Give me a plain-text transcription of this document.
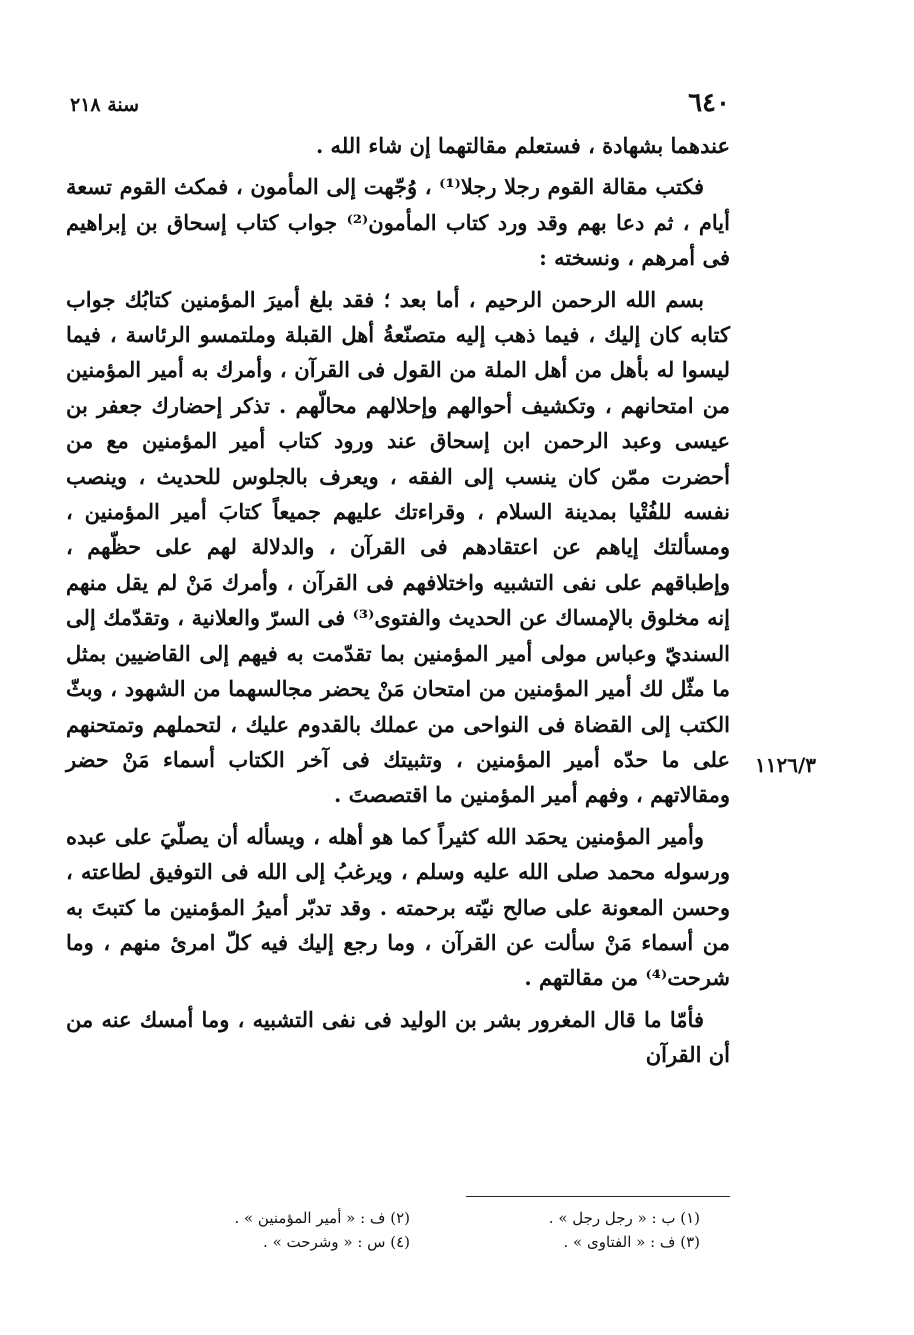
٦٤٠
سنة ٢١٨

عندهما بشهادة ، فستعلم مقالتهما إن شاء الله .

فكتب مقالة القوم رجلا رجلا⁽¹⁾ ، وُجّهت إلى المأمون ، فمكث القوم تسعة أيام ، ثم دعا بهم وقد ورد كتاب المأمون⁽²⁾ جواب كتاب إسحاق بن إبراهيم فى أمرهم ، ونسخته :

بسم الله الرحمن الرحيم ، أما بعد ؛ فقد بلغ أميرَ المؤمنين كتابُك جواب كتابه كان إليك ، فيما ذهب إليه متصنّعةُ أهل القبلة وملتمسو الرئاسة ، فيما ليسوا له بأهل من أهل الملة من القول فى القرآن ، وأمرك به أمير المؤمنين من امتحانهم ، وتكشيف أحوالهم وإحلالهم محالّهم . تذكر إحضارك جعفر بن عيسى وعبد الرحمن ابن إسحاق عند ورود كتاب أمير المؤمنين مع من أحضرت ممّن كان ينسب إلى الفقه ، ويعرف بالجلوس للحديث ، وينصب نفسه للفُتْيا بمدينة السلام ، وقراءتك عليهم جميعاً كتابَ أمير المؤمنين ، ومسألتك إياهم عن اعتقادهم فى القرآن ، والدلالة لهم على حظّهم ، وإطباقهم على نفى التشبيه واختلافهم فى القرآن ، وأمرك مَنْ لم يقل منهم إنه مخلوق بالإمساك عن الحديث والفتوى⁽³⁾ فى السرّ والعلانية ، وتقدّمك إلى السنديّ وعباس مولى أمير المؤمنين بما تقدّمت به فيهم إلى القاضيين بمثل ما مثّل لك أمير المؤمنين من امتحان مَنْ يحضر مجالسهما من الشهود ، وبثّ الكتب إلى القضاة فى النواحى من عملك بالقدوم عليك ، لتحملهم وتمتحنهم على ما حدّه أمير المؤمنين ، وتثبيتك فى آخر الكتاب أسماء مَنْ حضر ومقالاتهم ، وفهم أمير المؤمنين ما اقتصصتَ .

وأمير المؤمنين يحمَد الله كثيراً كما هو أهله ، ويسأله أن يصلّيَ على عبده ورسوله محمد صلى الله عليه وسلم ، ويرغبُ إلى الله فى التوفيق لطاعته ، وحسن المعونة على صالح نيّته برحمته . وقد تدبّر أميرُ المؤمنين ما كتبتَ به من أسماء مَنْ سألت عن القرآن ، وما رجع إليك فيه كلّ امرئ منهم ، وما شرحت⁽⁴⁾ من مقالتهم .

فأمّا ما قال المغرور بشر بن الوليد فى نفى التشبيه ، وما أمسك عنه من أن القرآن

١١٢٦/٣
(١) ب : « رجل رجل » .
(٢) ف : « أمير المؤمنين » .
(٣) ف : « الفتاوى » .
(٤) س : « وشرحت » .
